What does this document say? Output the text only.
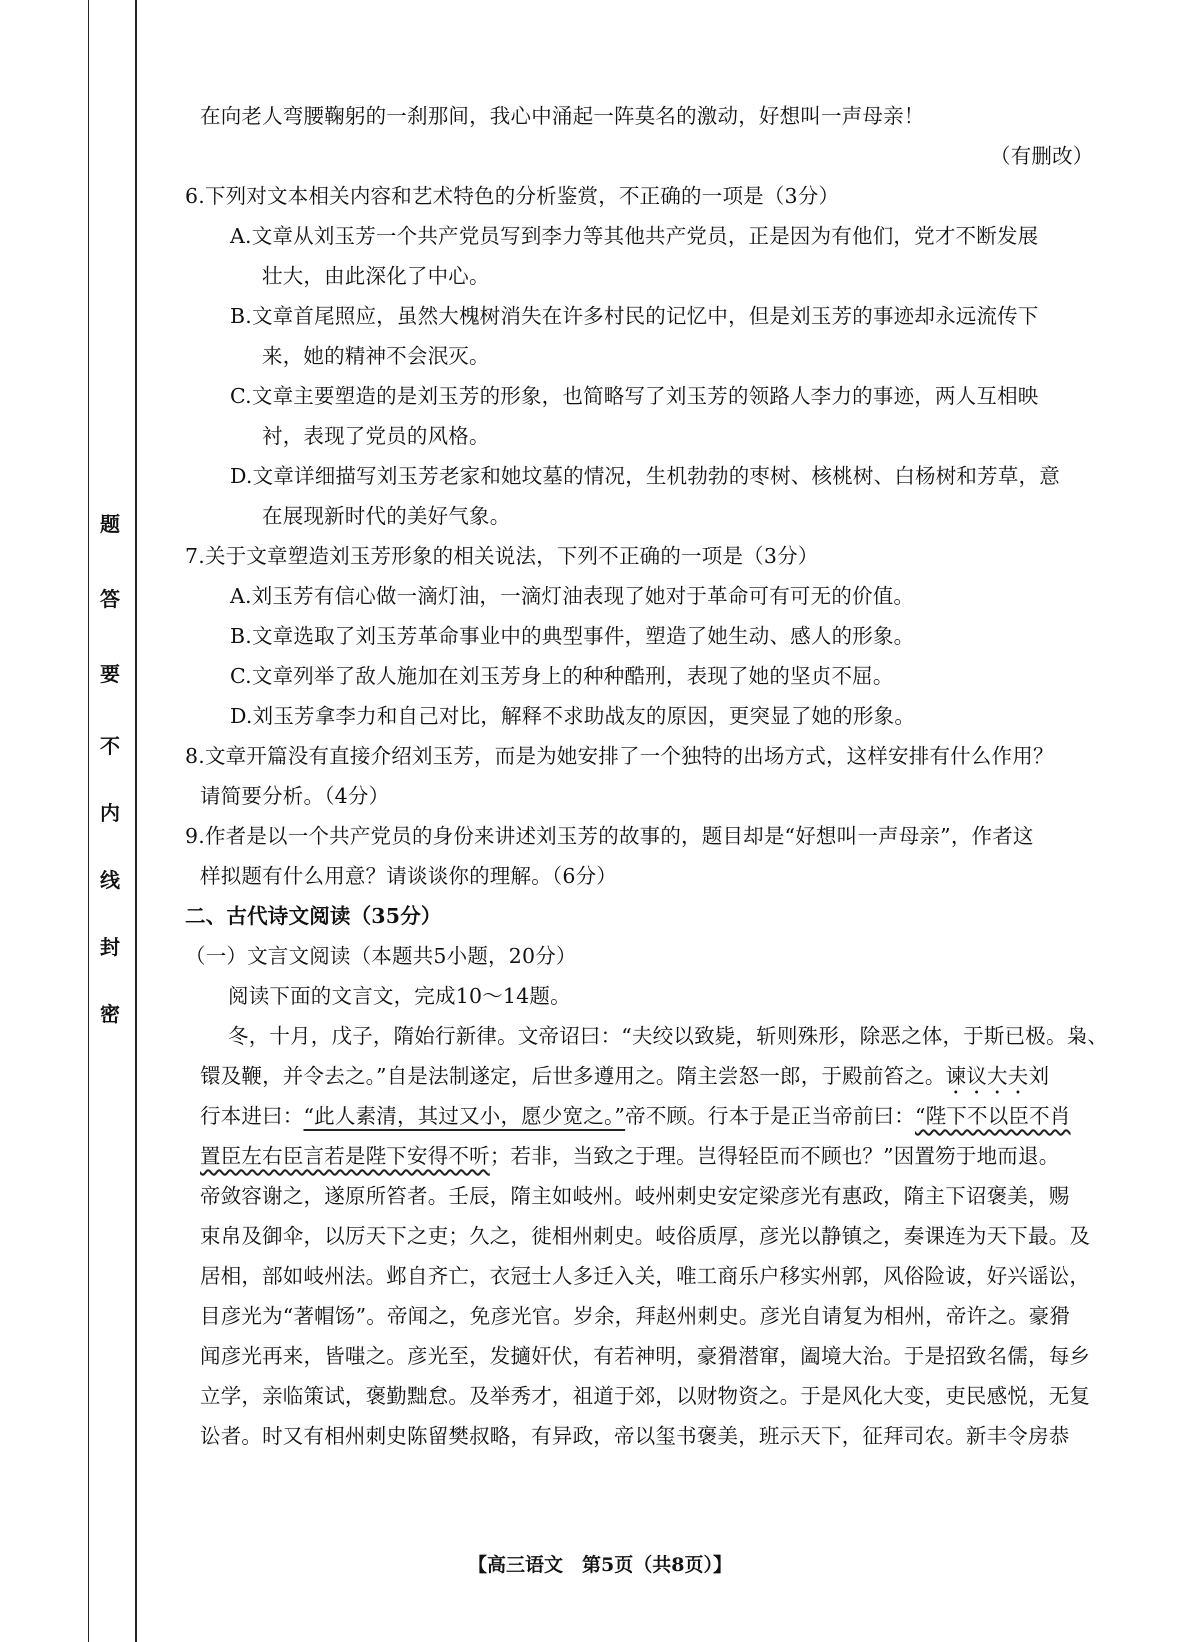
密
封
线
内
不
要
答
题
在向老人弯腰鞠躬的一刹那间，我心中涌起一阵莫名的激动，好想叫一声母亲！
（有删改）
6.下列对文本相关内容和艺术特色的分析鉴赏，不正确的一项是（3分）
A.文章从刘玉芳一个共产党员写到李力等其他共产党员，正是因为有他们，党才不断发展
壮大，由此深化了中心。
B.文章首尾照应，虽然大槐树消失在许多村民的记忆中，但是刘玉芳的事迹却永远流传下
来，她的精神不会泯灭。
C.文章主要塑造的是刘玉芳的形象，也简略写了刘玉芳的领路人李力的事迹，两人互相映
衬，表现了党员的风格。
D.文章详细描写刘玉芳老家和她坟墓的情况，生机勃勃的枣树、核桃树、白杨树和芳草，意
在展现新时代的美好气象。
7.关于文章塑造刘玉芳形象的相关说法，下列不正确的一项是（3分）
A.刘玉芳有信心做一滴灯油，一滴灯油表现了她对于革命可有可无的价值。
B.文章选取了刘玉芳革命事业中的典型事件，塑造了她生动、感人的形象。
C.文章列举了敌人施加在刘玉芳身上的种种酷刑，表现了她的坚贞不屈。
D.刘玉芳拿李力和自己对比，解释不求助战友的原因，更突显了她的形象。
8.文章开篇没有直接介绍刘玉芳，而是为她安排了一个独特的出场方式，这样安排有什么作用？
请简要分析。（4分）
9.作者是以一个共产党员的身份来讲述刘玉芳的故事的，题目却是“好想叫一声母亲”，作者这
样拟题有什么用意？请谈谈你的理解。（6分）
二、古代诗文阅读（35分）
（一）文言文阅读（本题共5小题，20分）
阅读下面的文言文，完成10～14题。
冬，十月，戊子，隋始行新律。文帝诏曰：“夫绞以致毙，斩则殊形，除恶之体，于斯已极。枭、
镮及鞭，并令去之。”自是法制遂定，后世多遵用之。隋主尝怒一郎，于殿前笞之。谏议大夫刘
行本进曰：“此人素清，其过又小，愿少宽之。”帝不顾。行本于是正当帝前曰：“陛下不以臣不肖
置臣左右臣言若是陛下安得不听；若非，当致之于理。岂得轻臣而不顾也？”因置笏于地而退。
帝敛容谢之，遂原所笞者。壬辰，隋主如岐州。岐州刺史安定梁彦光有惠政，隋主下诏褒美，赐
束帛及御伞，以厉天下之吏；久之，徙相州刺史。岐俗质厚，彦光以静镇之，奏课连为天下最。及
居相，部如岐州法。邺自齐亡，衣冠士人多迁入关，唯工商乐户移实州郭，风俗险诐，好兴谣讼，
目彦光为“著帽饧”。帝闻之，免彦光官。岁余，拜赵州刺史。彦光自请复为相州，帝许之。豪猾
闻彦光再来，皆嗤之。彦光至，发擿奸伏，有若神明，豪猾潜窜，阖境大治。于是招致名儒，每乡
立学，亲临策试，褒勤黜怠。及举秀才，祖道于郊，以财物资之。于是风化大变，吏民感悦，无复
讼者。时又有相州刺史陈留樊叔略，有异政，帝以玺书褒美，班示天下，征拜司农。新丰令房恭
【高三语文　第5页（共8页）】
